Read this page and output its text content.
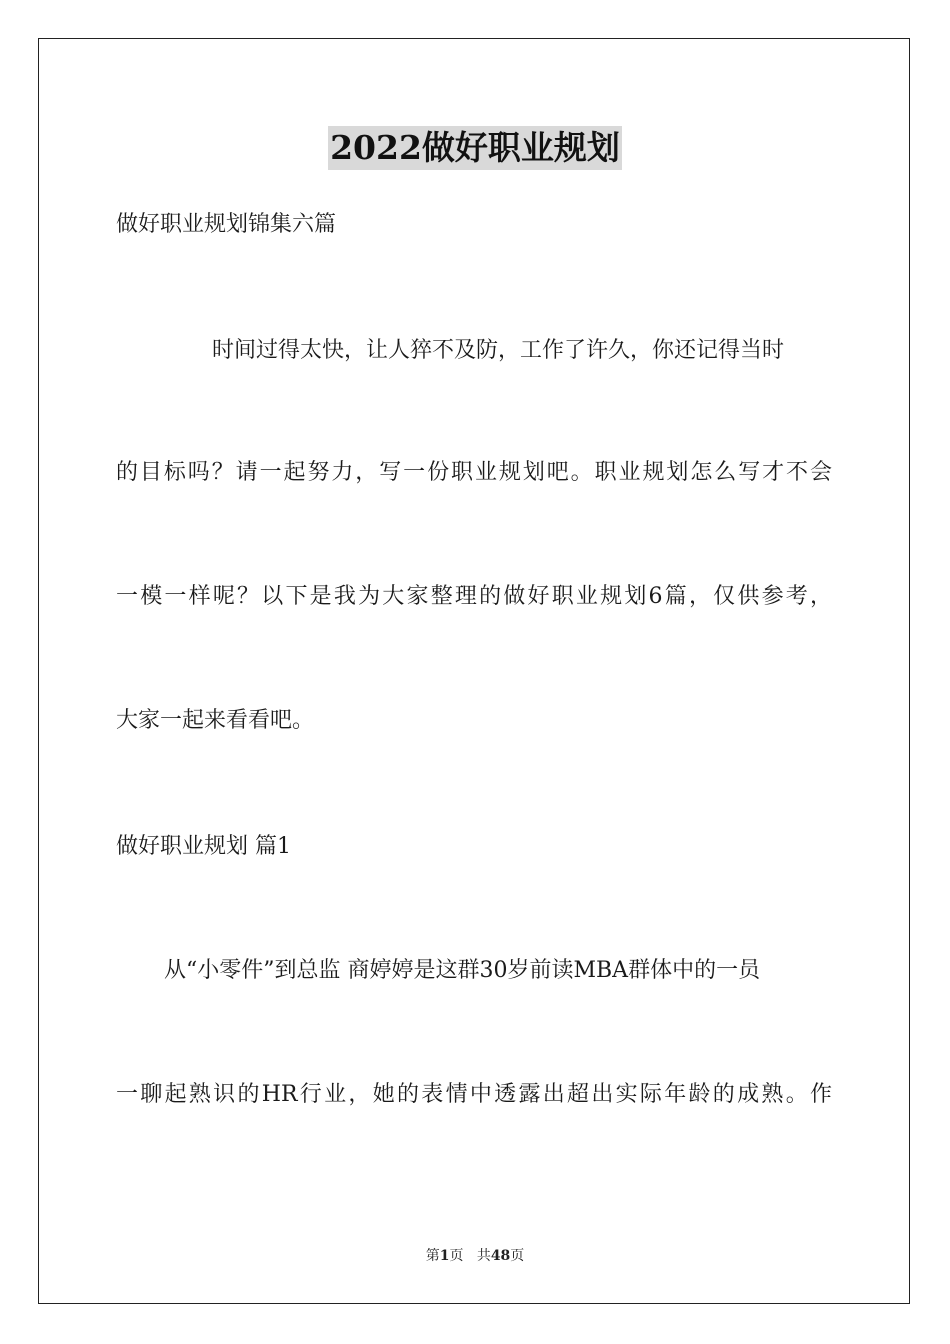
2022做好职业规划

做好职业规划锦集六篇

时间过得太快，让人猝不及防，工作了许久，你还记得当时

的目标吗？请一起努力，写一份职业规划吧。职业规划怎么写才不会

一模一样呢？以下是我为大家整理的做好职业规划6篇，仅供参考，

大家一起来看看吧。

做好职业规划 篇1

从“小零件”到总监 商婷婷是这群30岁前读MBA群体中的一员

一聊起熟识的HR行业，她的表情中透露出超出实际年龄的成熟。作

第1页 共48页
